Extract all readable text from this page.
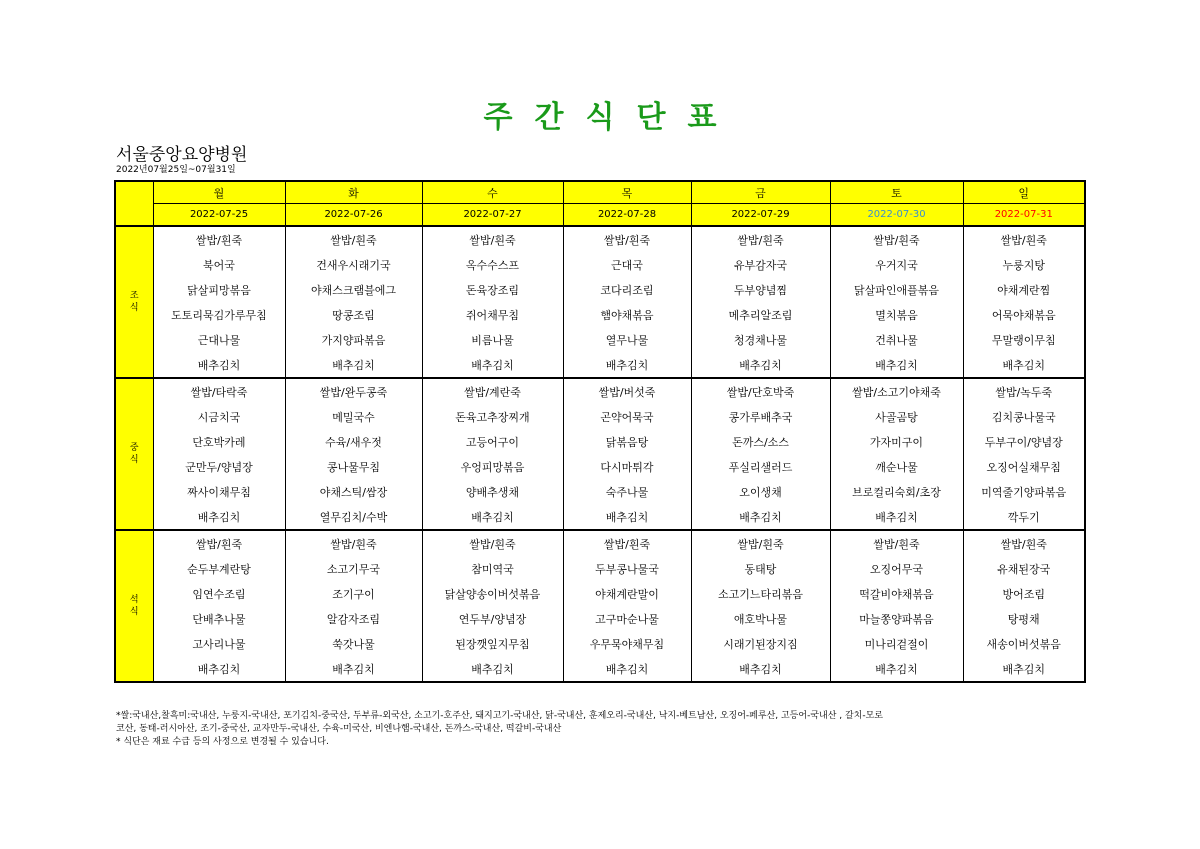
주 간 식 단 표
서울중앙요양병원
2022년07월25일~07월31일
	월	화	수	목	금	토	일
	2022-07-25	2022-07-26	2022-07-27	2022-07-28	2022-07-29	2022-07-30	2022-07-31

조
식	쌀밥/흰죽	쌀밥/흰죽	쌀밥/흰죽	쌀밥/흰죽	쌀밥/흰죽	쌀밥/흰죽	쌀밥/흰죽
	북어국	건새우시래기국	옥수수스프	근대국	유부감자국	우거지국	누룽지탕
	닭살피망볶음	야채스크램블에그	돈육장조림	코다리조림	두부양념찜	닭살파인애플볶음	야채계란찜
	도토리묵김가루무침	땅콩조림	쥐어채무침	햄야채볶음	메추리알조림	멸치볶음	어묵야채볶음
	근대나물	가지양파볶음	비름나물	열무나물	청경채나물	건취나물	무말랭이무침
	배추김치	배추김치	배추김치	배추김치	배추김치	배추김치	배추김치

중
식	쌀밥/타락죽	쌀밥/완두콩죽	쌀밥/계란죽	쌀밥/버섯죽	쌀밥/단호박죽	쌀밥/소고기야채죽	쌀밥/녹두죽
	시금치국	메밀국수	돈육고추장찌개	곤약어묵국	콩가루배추국	사골곰탕	김치콩나물국
	단호박카레	수육/새우젓	고등어구이	닭볶음탕	돈까스/소스	가자미구이	두부구이/양념장
	군만두/양념장	콩나물무침	우엉피망볶음	다시마튀각	푸실리샐러드	깨순나물	오징어실채무침
	짜사이채무침	야채스틱/쌈장	양배추생채	숙주나물	오이생채	브로컬리숙회/초장	미역줄기양파볶음
	배추김치	열무김치/수박	배추김치	배추김치	배추김치	배추김치	깍두기

석
식	쌀밥/흰죽	쌀밥/흰죽	쌀밥/흰죽	쌀밥/흰죽	쌀밥/흰죽	쌀밥/흰죽	쌀밥/흰죽
	순두부계란탕	소고기무국	참미역국	두부콩나물국	동태탕	오징어무국	유채된장국
	임연수조림	조기구이	닭살양송이버섯볶음	야채계란말이	소고기느타리볶음	떡갈비야채볶음	방어조림
	단배추나물	알감자조림	연두부/양념장	고구마순나물	애호박나물	마늘쫑양파볶음	탕평채
	고사리나물	쑥갓나물	된장깻잎지무침	우무묵야채무침	시래기된장지짐	미나리겉절이	새송이버섯볶음
	배추김치	배추김치	배추김치	배추김치	배추김치	배추김치	배추김치
*쌀:국내산,찰흑미:국내산, 누룽지-국내산, 포기김치-중국산, 두부류-외국산, 소고기-호주산, 돼지고기-국내산, 닭-국내산, 훈제오리-국내산, 낙지-베트남산, 오징어-페루산, 고등어-국내산 , 갈치-모로
코산, 동태-러시아산, 조기-중국산, 교자만두-국내산, 수육-미국산, 비엔나햄-국내산, 돈까스-국내산, 떡갈비-국내산
* 식단은 재료 수급 등의 사정으로 변경될 수 있습니다.
